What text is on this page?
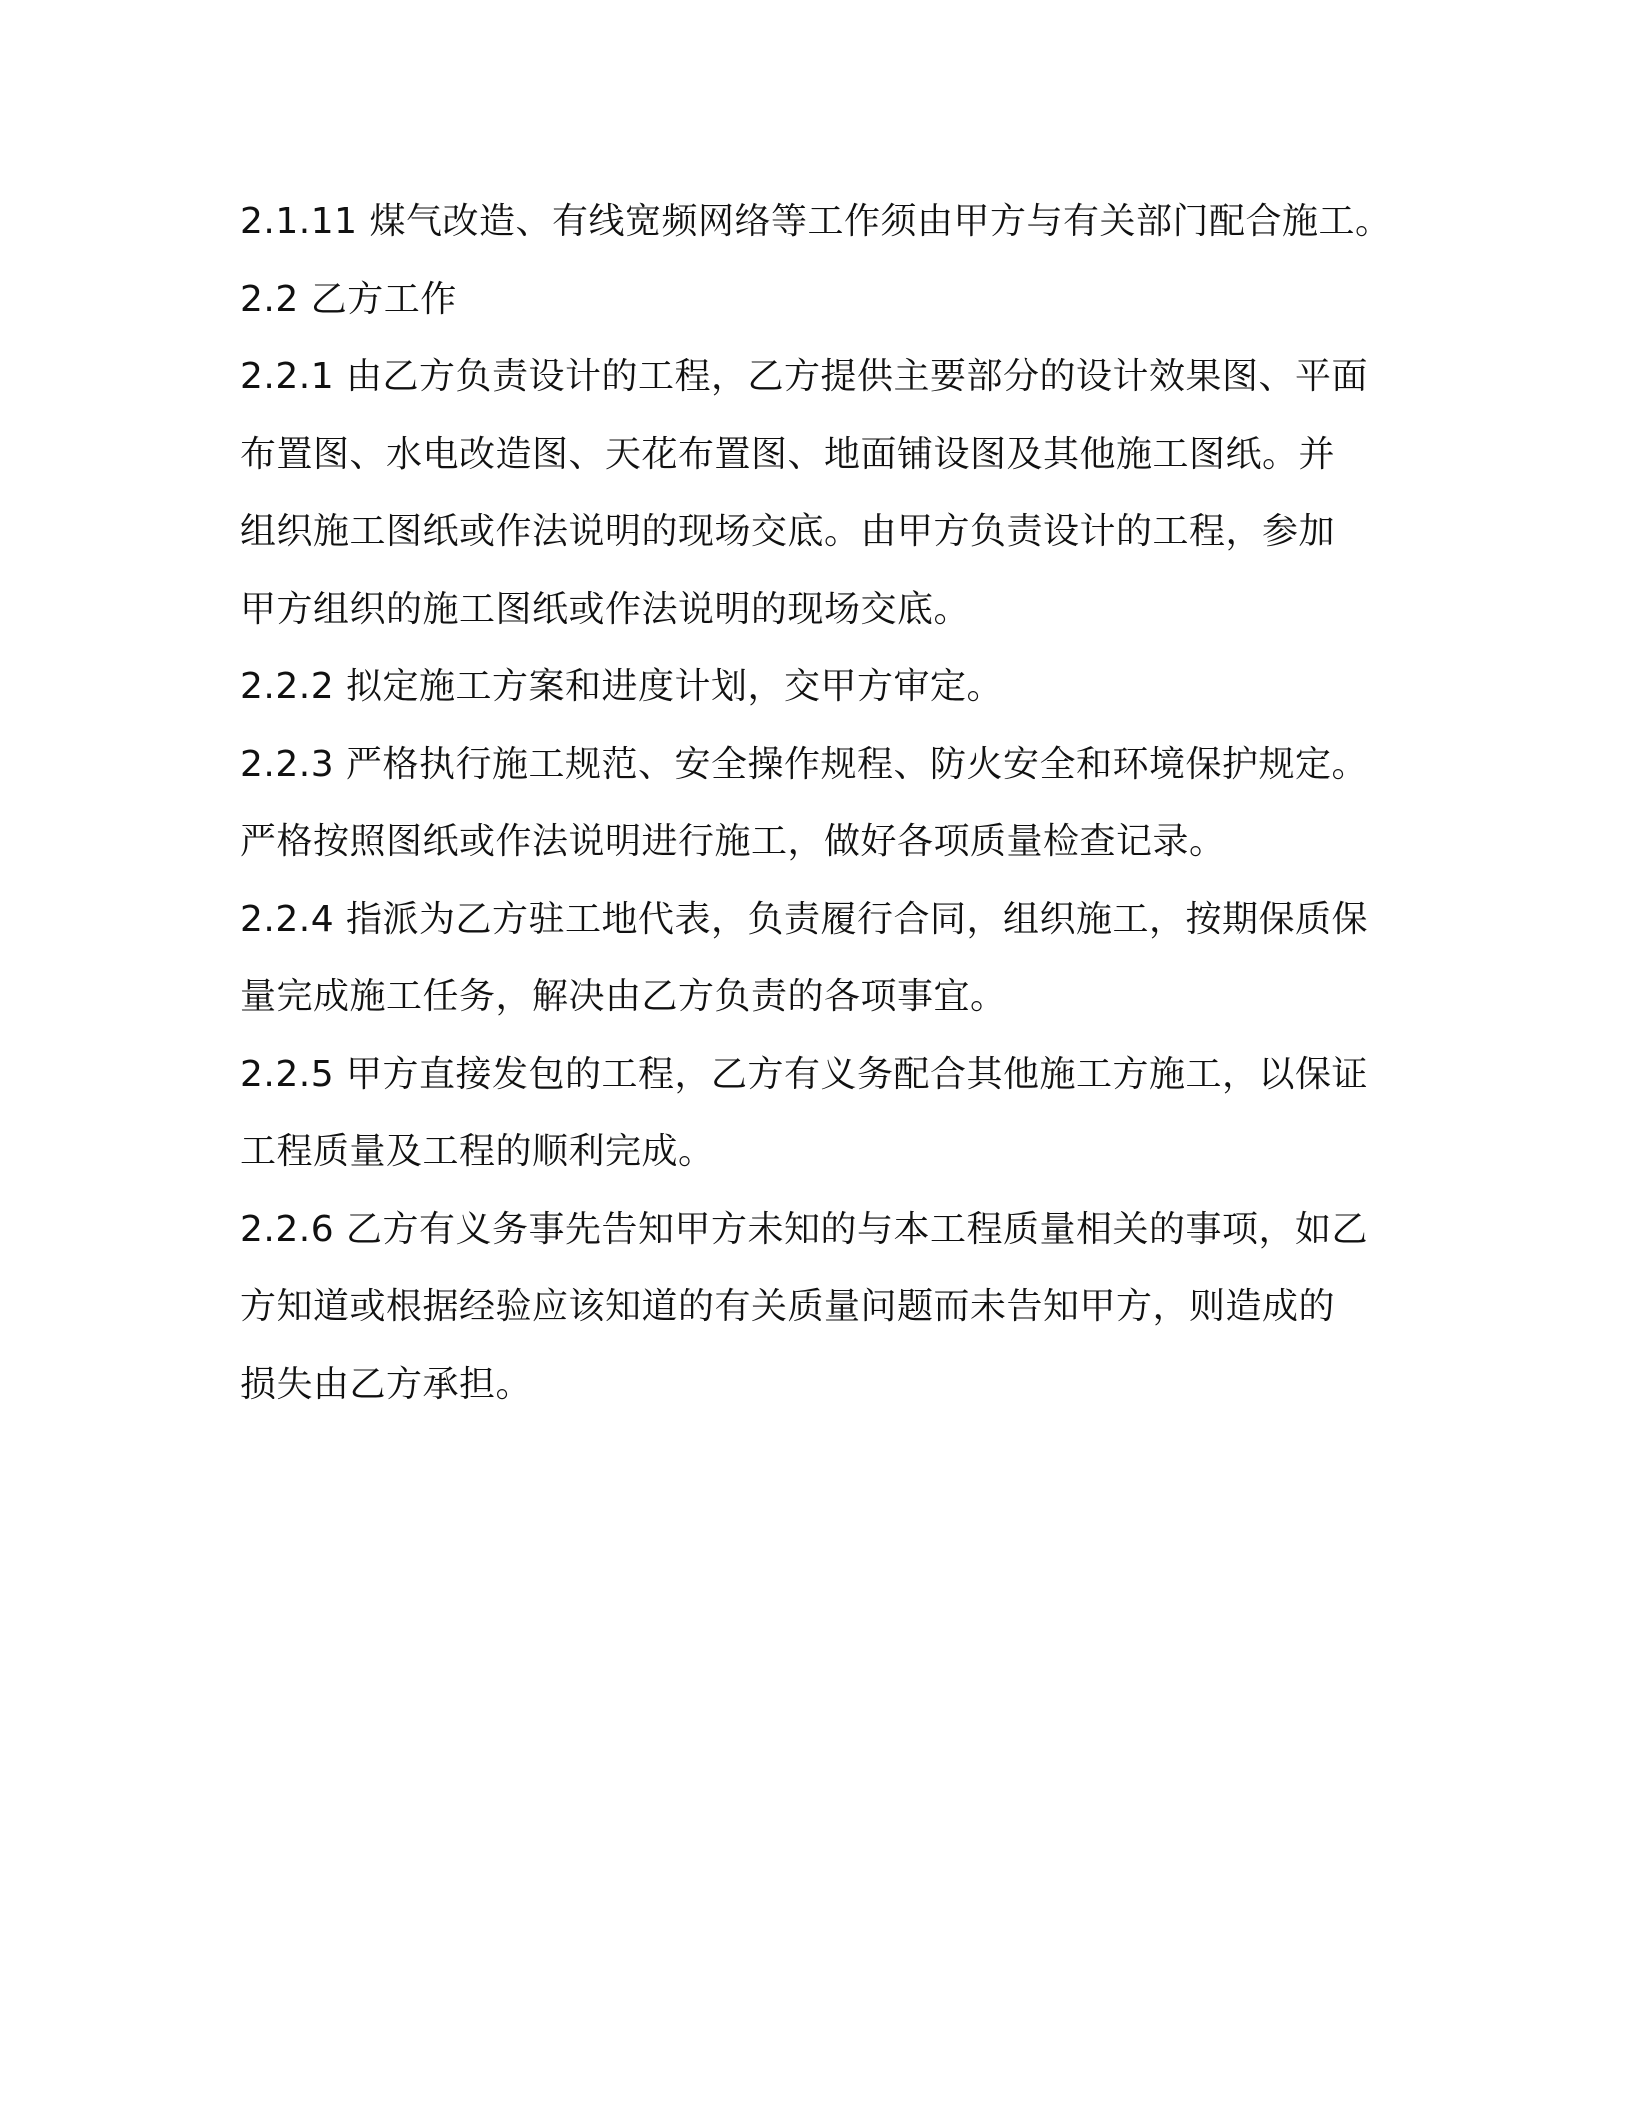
2.1.11 煤气改造、有线宽频网络等工作须由甲方与有关部门配合施工。
2.2 乙方工作
2.2.1 由乙方负责设计的工程，乙方提供主要部分的设计效果图、平面
布置图、水电改造图、天花布置图、地面铺设图及其他施工图纸。并
组织施工图纸或作法说明的现场交底。由甲方负责设计的工程，参加
甲方组织的施工图纸或作法说明的现场交底。
2.2.2 拟定施工方案和进度计划，交甲方审定。
2.2.3 严格执行施工规范、安全操作规程、防火安全和环境保护规定。
严格按照图纸或作法说明进行施工，做好各项质量检查记录。
2.2.4 指派为乙方驻工地代表，负责履行合同，组织施工，按期保质保
量完成施工任务，解决由乙方负责的各项事宜。
2.2.5 甲方直接发包的工程，乙方有义务配合其他施工方施工，以保证
工程质量及工程的顺利完成。
2.2.6 乙方有义务事先告知甲方未知的与本工程质量相关的事项，如乙
方知道或根据经验应该知道的有关质量问题而未告知甲方，则造成的
损失由乙方承担。
